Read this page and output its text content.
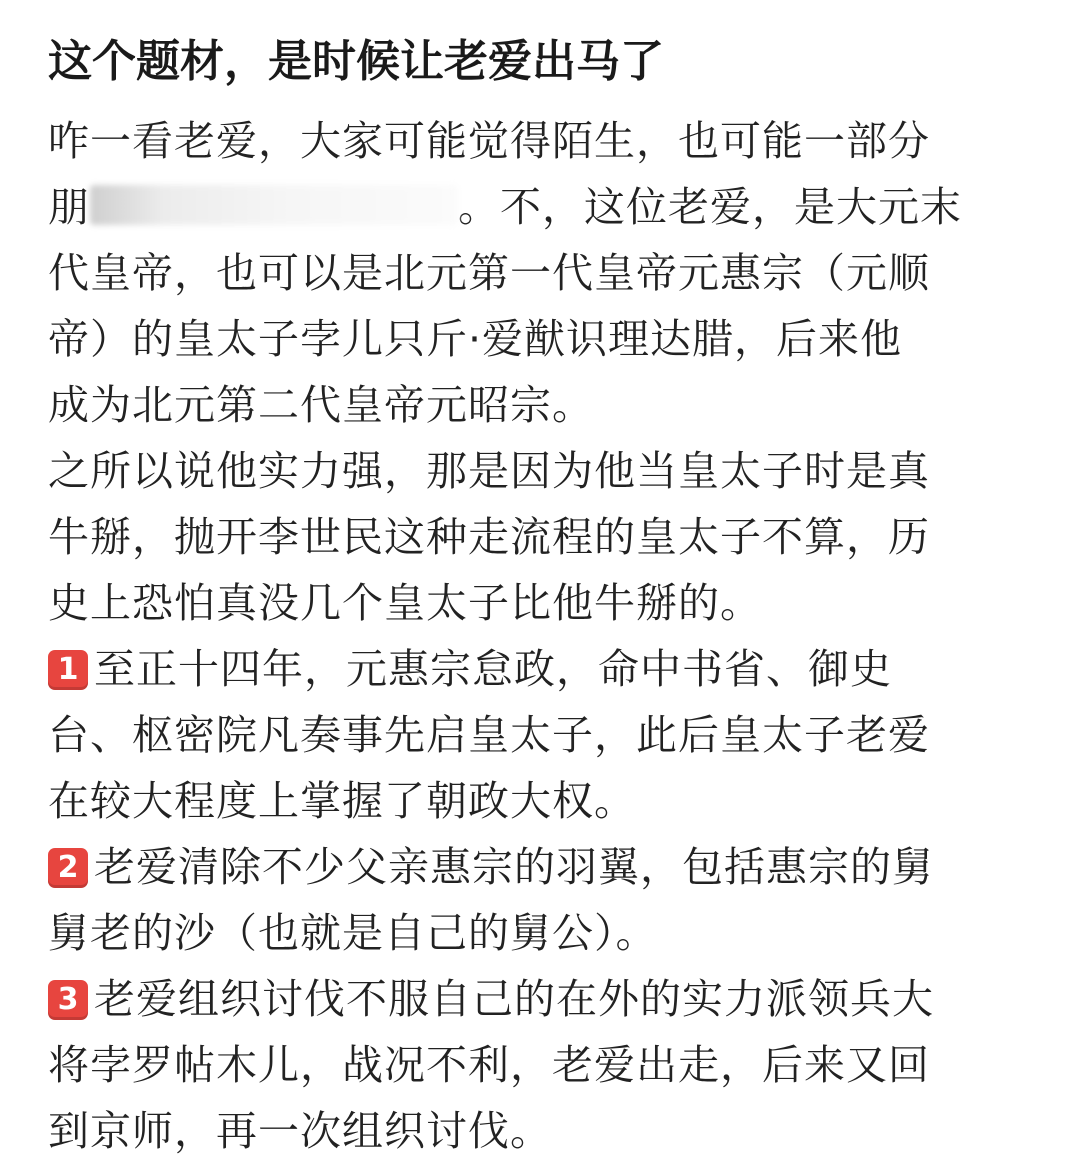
这个题材，是时候让老爱出马了
咋一看老爱，大家可能觉得陌生，也可能一部分
朋	。不，这位老爱，是大元末
代皇帝，也可以是北元第一代皇帝元惠宗（元顺
帝）的皇太子孛儿只斤·爱猷识理达腊，后来他
成为北元第二代皇帝元昭宗。
之所以说他实力强，那是因为他当皇太子时是真
牛掰，抛开李世民这种走流程的皇太子不算，历
史上恐怕真没几个皇太子比他牛掰的。
1 至正十四年，元惠宗怠政，命中书省、御史
台、枢密院凡奏事先启皇太子，此后皇太子老爱
在较大程度上掌握了朝政大权。
2 老爱清除不少父亲惠宗的羽翼，包括惠宗的舅
舅老的沙（也就是自己的舅公）。
3 老爱组织讨伐不服自己的在外的实力派领兵大
将孛罗帖木儿，战况不利，老爱出走，后来又回
到京师，再一次组织讨伐。
